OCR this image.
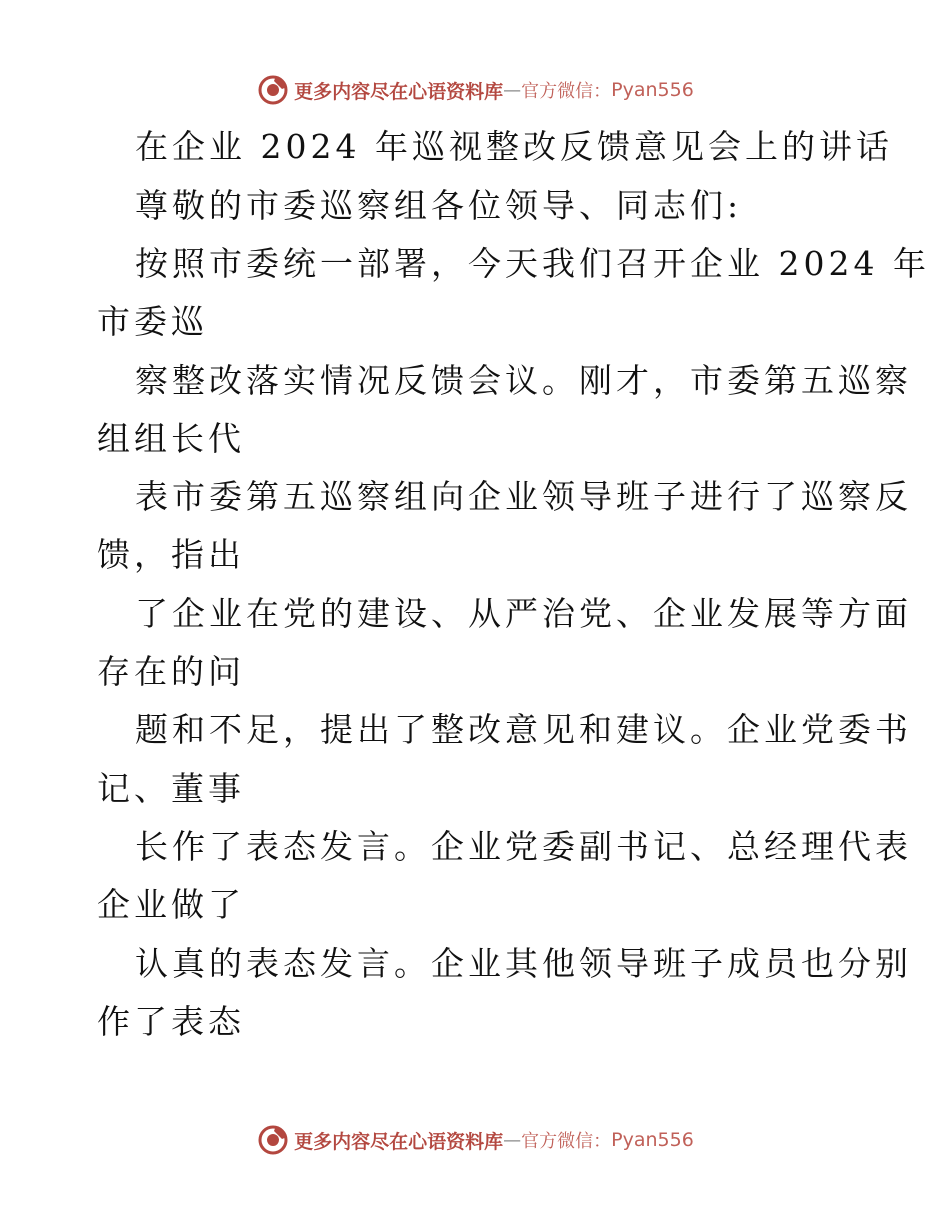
更多内容尽在心语资料库 — 官方微信： Pyan556
在企业 2024 年巡视整改反馈意见会上的讲话
尊敬的市委巡察组各位领导、同志们:
按照市委统一部署，今天我们召开企业 2024 年
市委巡
察整改落实情况反馈会议。刚才，市委第五巡察
组组长代
表市委第五巡察组向企业领导班子进行了巡察反
馈，指出
了企业在党的建设、从严治党、企业发展等方面
存在的问
题和不足，提出了整改意见和建议。企业党委书
记、董事
长作了表态发言。企业党委副书记、总经理代表
企业做了
认真的表态发言。企业其他领导班子成员也分别
作了表态
更多内容尽在心语资料库 — 官方微信： Pyan556
